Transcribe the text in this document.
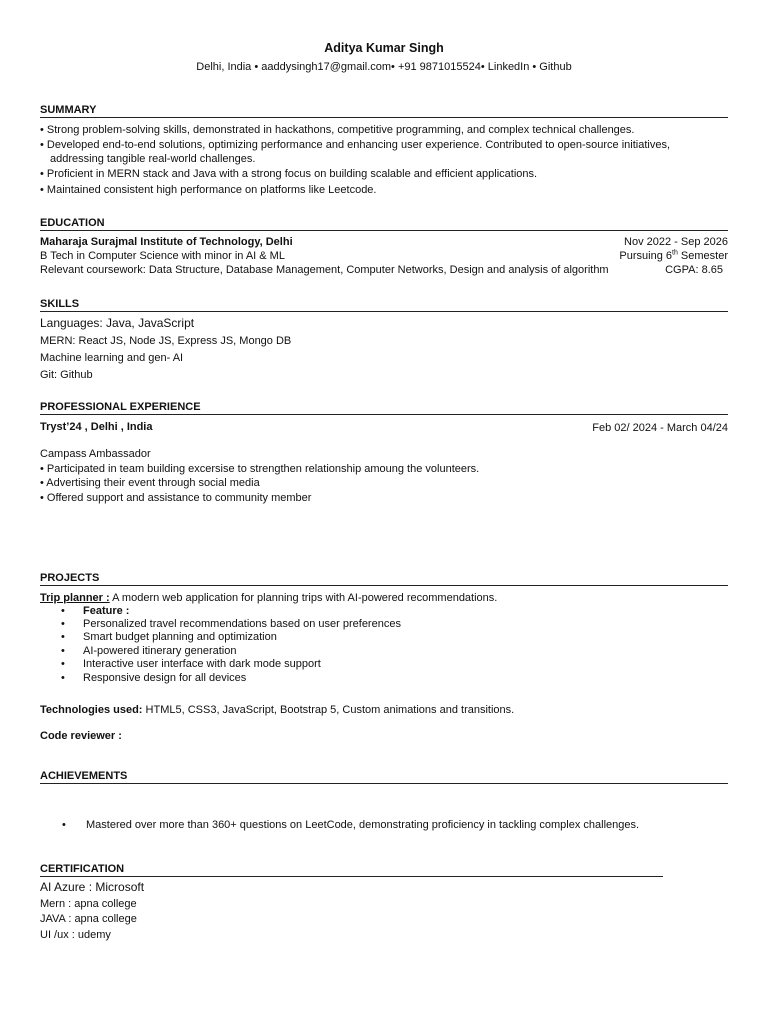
Aditya Kumar Singh
Delhi, India • aaddysingh17@gmail.com• +91 9871015524• LinkedIn • Github
SUMMARY
• Strong problem-solving skills, demonstrated in hackathons, competitive programming, and complex technical challenges.
• Developed end-to-end solutions, optimizing performance and enhancing user experience. Contributed to open-source initiatives,
addressing tangible real-world challenges.
• Proficient in MERN stack and Java with a strong focus on building scalable and efficient applications.
• Maintained consistent high performance on platforms like Leetcode.
EDUCATION
Maharaja Surajmal Institute of Technology, Delhi	Nov 2022 - Sep 2026
B Tech in Computer Science with minor in AI & ML	Pursuing 6th Semester
Relevant coursework: Data Structure, Database Management, Computer Networks, Design and analysis of algorithm	CGPA: 8.65
SKILLS
Languages: Java, JavaScript
MERN: React JS, Node JS, Express JS, Mongo DB
Machine learning and gen- AI
Git: Github
PROFESSIONAL EXPERIENCE
Tryst’24 , Delhi , India	Feb 02/ 2024 - March 04/24
Campass Ambassador
• Participated in team building excersise to strengthen relationship amoung the volunteers.
• Advertising their event through social media
• Offered support and assistance to community member
PROJECTS
Trip planner : A modern web application for planning trips with AI-powered recommendations.
• Feature :
• Personalized travel recommendations based on user preferences
• Smart budget planning and optimization
• AI-powered itinerary generation
• Interactive user interface with dark mode support
• Responsive design for all devices
Technologies used: HTML5, CSS3, JavaScript, Bootstrap 5, Custom animations and transitions.
Code reviewer :
ACHIEVEMENTS
• Mastered over more than 360+ questions on LeetCode, demonstrating proficiency in tackling complex challenges.
CERTIFICATION
AI Azure : Microsoft
Mern : apna college
JAVA : apna college
UI /ux : udemy
